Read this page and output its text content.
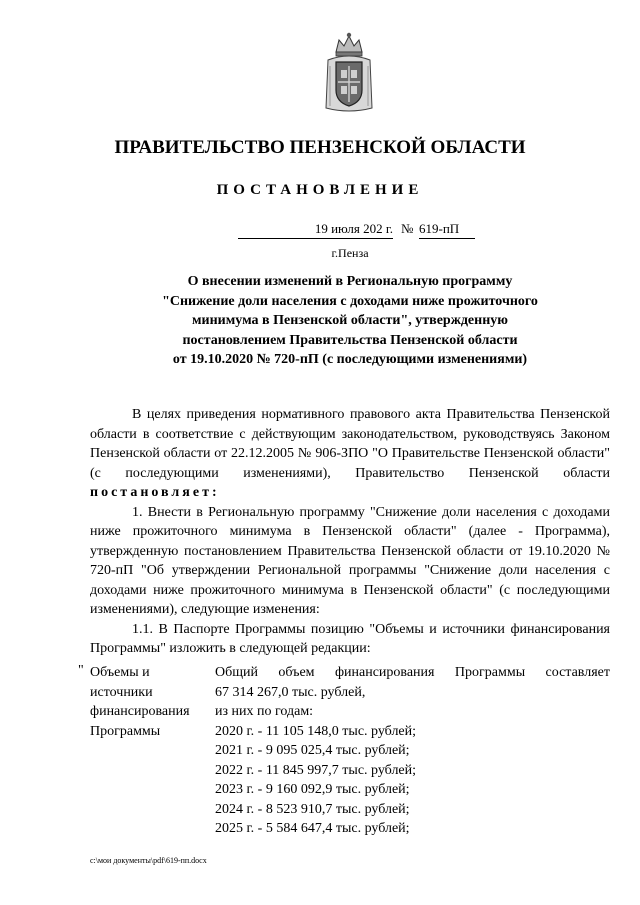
ПРАВИТЕЛЬСТВО ПЕНЗЕНСКОЙ ОБЛАСТИ
ПОСТАНОВЛЕНИЕ
19 июля 202 г. № 619-пП
г.Пенза
О внесении изменений в Региональную программу
"Снижение доли населения с доходами ниже прожиточного
минимума в Пензенской области", утвержденную
постановлением Правительства Пензенской области
от 19.10.2020 № 720-пП (с последующими изменениями)

В целях приведения нормативного правового акта Правительства Пензенской области в соответствие с действующим законодательством, руководствуясь Законом Пензенской области от 22.12.2005 № 906-ЗПО "О Правительстве Пензенской области" (с последующими изменениями), Правительство Пензенской области постановляет:

1. Внести в Региональную программу "Снижение доли населения с доходами ниже прожиточного минимума в Пензенской области" (далее - Программа), утвержденную постановлением Правительства Пензенской области от 19.10.2020 № 720-пП "Об утверждении Региональной программы "Снижение доли населения с доходами ниже прожиточного минимума в Пензенской области" (с последующими изменениями), следующие изменения:

1.1. В Паспорте Программы позицию "Объемы и источники финансирования Программы" изложить в следующей редакции:

" Объемы и
источники
финансирования
Программы
Общий объем финансирования Программы составляет
67 314 267,0 тыс. рублей,
из них по годам:
2020 г. - 11 105 148,0 тыс. рублей;
2021 г. - 9 095 025,4 тыс. рублей;
2022 г. - 11 845 997,7 тыс. рублей;
2023 г. - 9 160 092,9 тыс. рублей;
2024 г. - 8 523 910,7 тыс. рублей;
2025 г. - 5 584 647,4 тыс. рублей;
c:\мои документы\pdf\619-пп.docx
